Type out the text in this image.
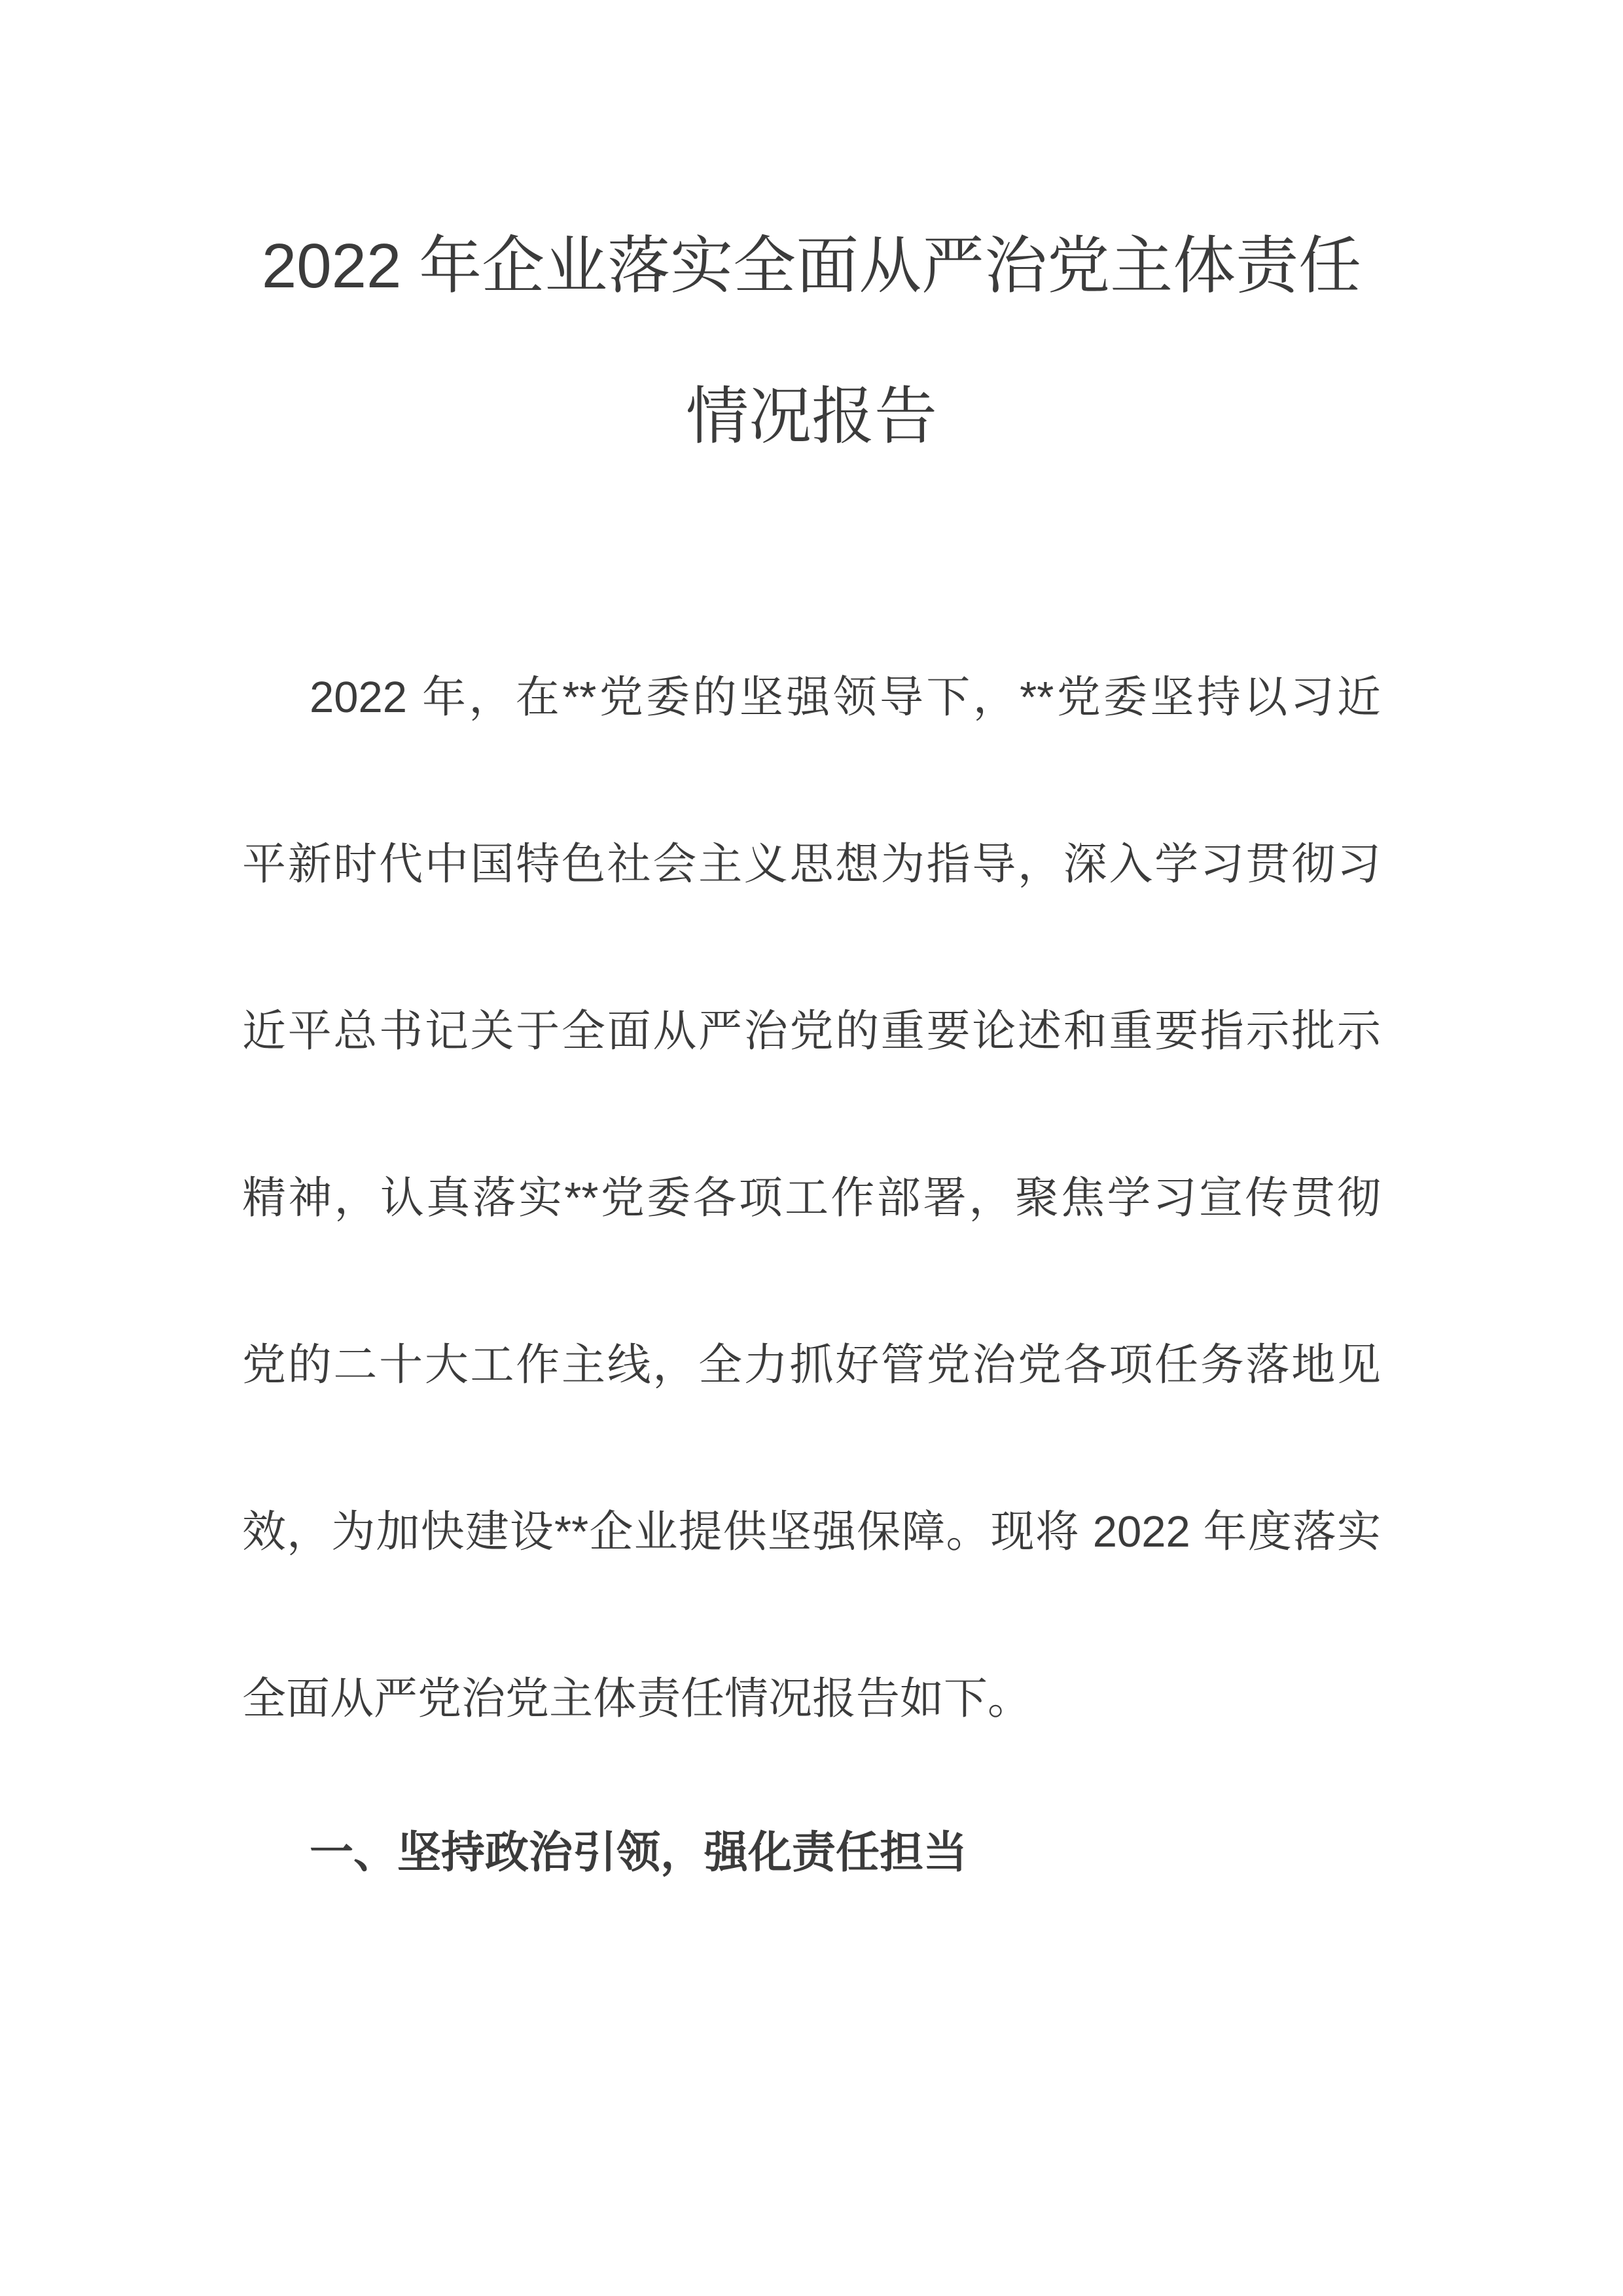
2022 年企业落实全面从严治党主体责任
情况报告
2022 年，在**党委的坚强领导下，**党委坚持以习近
平新时代中国特色社会主义思想为指导，深入学习贯彻习
近平总书记关于全面从严治党的重要论述和重要指示批示
精神，认真落实**党委各项工作部署，聚焦学习宣传贯彻
党的二十大工作主线，全力抓好管党治党各项任务落地见
效，为加快建设**企业提供坚强保障。现将 2022 年度落实
全面从严党治党主体责任情况报告如下。
一、坚持政治引领，强化责任担当
